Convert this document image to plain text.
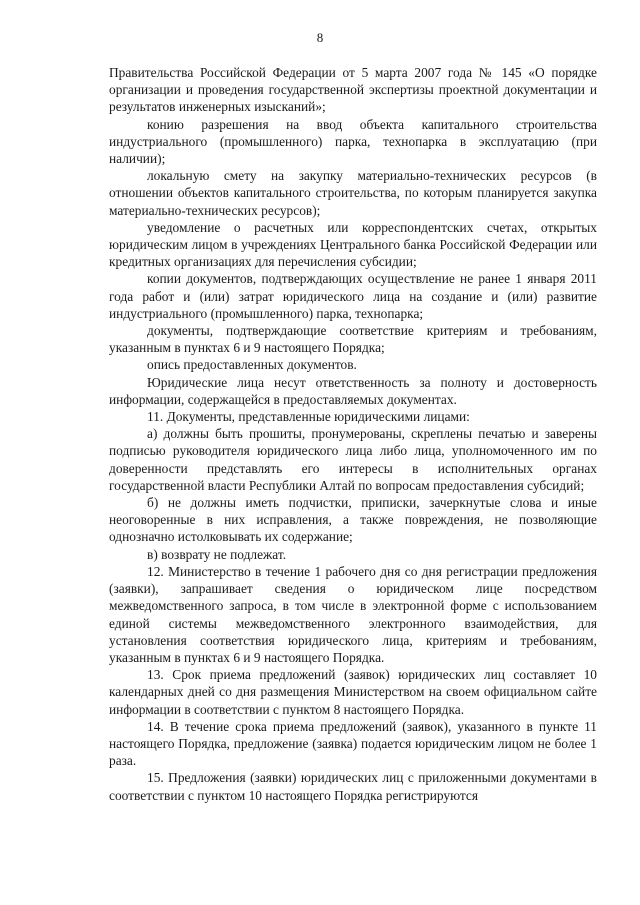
8

Правительства Российской Федерации от 5 марта 2007 года № 145 «О порядке организации и проведения государственной экспертизы проектной документации и результатов инженерных изысканий»;

конию разрешения на ввод объекта капитального строительства индустриального (промышленного) парка, технопарка в эксплуатацию (при наличии);

локальную смету на закупку материально-технических ресурсов (в отношении объектов капитального строительства, по которым планируется закупка материально-технических ресурсов);

уведомление о расчетных или корреспондентских счетах, открытых юридическим лицом в учреждениях Центрального банка Российской Федерации или кредитных организациях для перечисления субсидии;

копии документов, подтверждающих осуществление не ранее 1 января 2011 года работ и (или) затрат юридического лица на создание и (или) развитие индустриального (промышленного) парка, технопарка;

документы, подтверждающие соответствие критериям и требованиям, указанным в пунктах 6 и 9 настоящего Порядка;

опись предоставленных документов.

Юридические лица несут ответственность за полноту и достоверность информации, содержащейся в предоставляемых документах.

11. Документы, представленные юридическими лицами:

а) должны быть прошиты, пронумерованы, скреплены печатью и заверены подписью руководителя юридического лица либо лица, уполномоченного им по доверенности представлять его интересы в исполнительных органах государственной власти Республики Алтай по вопросам предоставления субсидий;

б) не должны иметь подчистки, приписки, зачеркнутые слова и иные неоговоренные в них исправления, а также повреждения, не позволяющие однозначно истолковывать их содержание;

в) возврату не подлежат.

12. Министерство в течение 1 рабочего дня со дня регистрации предложения (заявки), запрашивает сведения о юридическом лице посредством межведомственного запроса, в том числе в электронной форме с использованием единой системы межведомственного электронного взаимодействия, для установления соответствия юридического лица, критериям и требованиям, указанным в пунктах 6 и 9 настоящего Порядка.

13. Срок приема предложений (заявок) юридических лиц составляет 10 календарных дней со дня размещения Министерством на своем официальном сайте информации в соответствии с пунктом 8 настоящего Порядка.

14. В течение срока приема предложений (заявок), указанного в пункте 11 настоящего Порядка, предложение (заявка) подается юридическим лицом не более 1 раза.

15. Предложения (заявки) юридических лиц с приложенными документами в соответствии с пунктом 10 настоящего Порядка регистрируются
